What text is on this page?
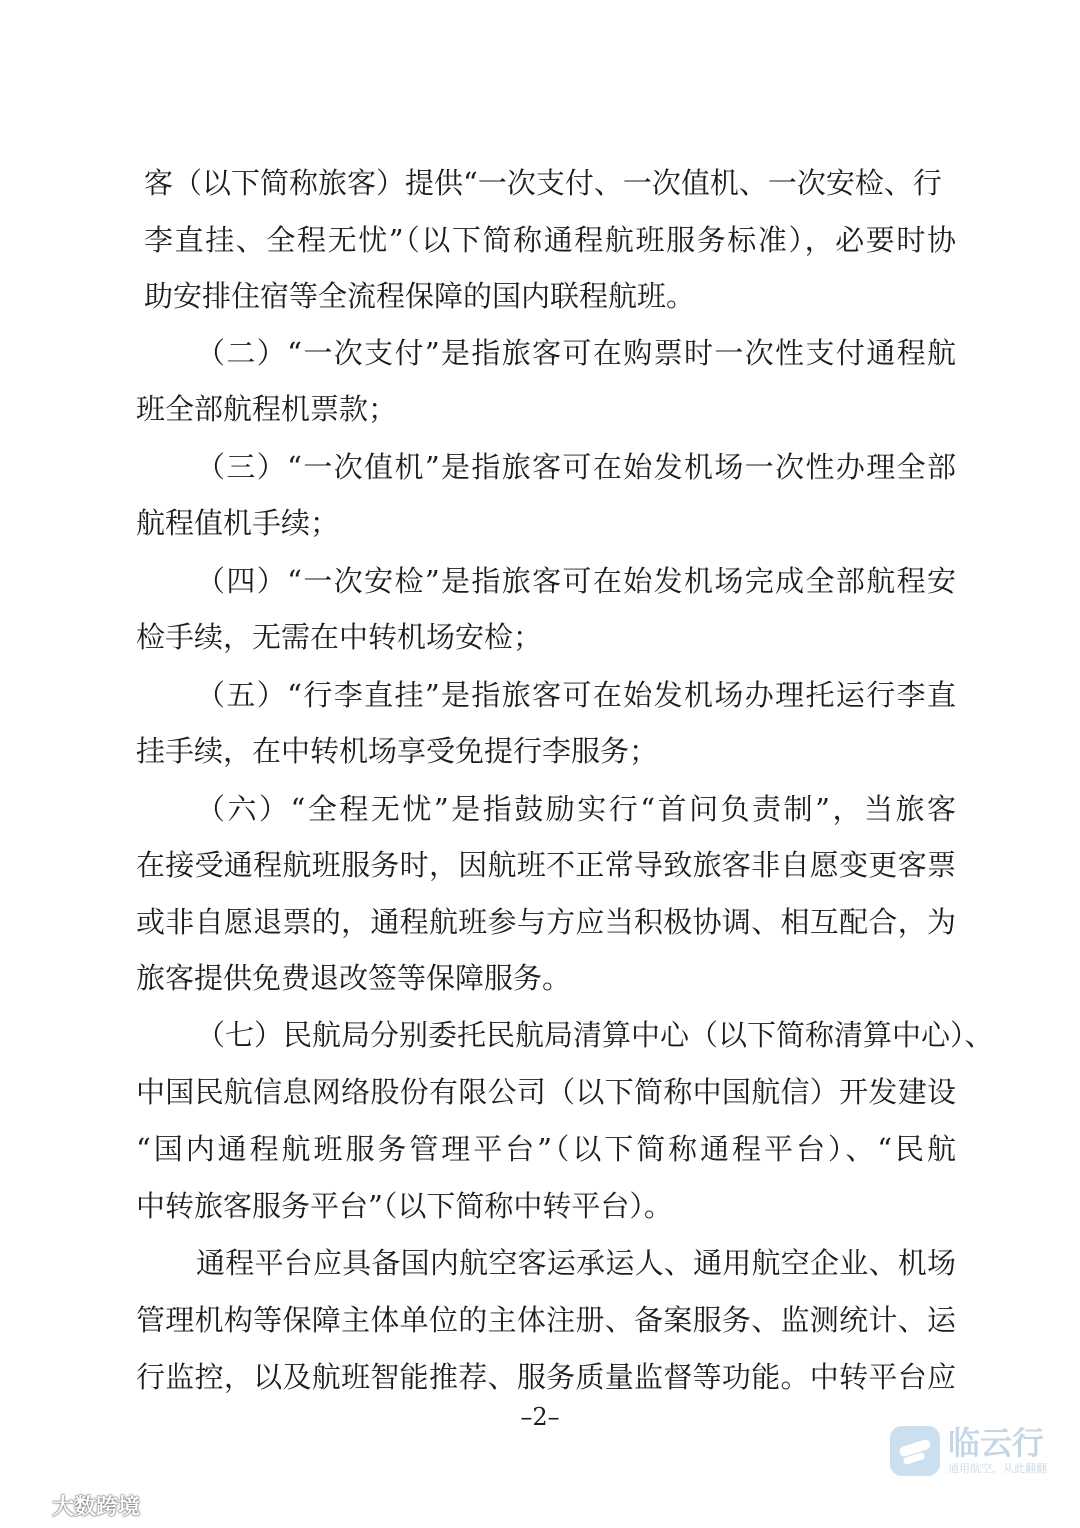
客（以下简称旅客）提供“一次支付、一次值机、一次安检、行
李直挂、全程无忧”（以下简称通程航班服务标准），必要时协
助安排住宿等全流程保障的国内联程航班。
（二）“一次支付”是指旅客可在购票时一次性支付通程航
班全部航程机票款；
（三）“一次值机”是指旅客可在始发机场一次性办理全部
航程值机手续；
（四）“一次安检”是指旅客可在始发机场完成全部航程安
检手续，无需在中转机场安检；
（五）“行李直挂”是指旅客可在始发机场办理托运行李直
挂手续，在中转机场享受免提行李服务；
（六）“全程无忧”是指鼓励实行“首问负责制”，当旅客
在接受通程航班服务时，因航班不正常导致旅客非自愿变更客票
或非自愿退票的，通程航班参与方应当积极协调、相互配合，为
旅客提供免费退改签等保障服务。
（七）民航局分别委托民航局清算中心（以下简称清算中心）、
中国民航信息网络股份有限公司（以下简称中国航信）开发建设
“国内通程航班服务管理平台”（以下简称通程平台）、“民航
中转旅客服务平台”（以下简称中转平台）。
通程平台应具备国内航空客运承运人、通用航空企业、机场
管理机构等保障主体单位的主体注册、备案服务、监测统计、运
行监控，以及航班智能推荐、服务质量监督等功能。中转平台应
–2–
临云行
通用航空，从此翻翻
大数跨境
